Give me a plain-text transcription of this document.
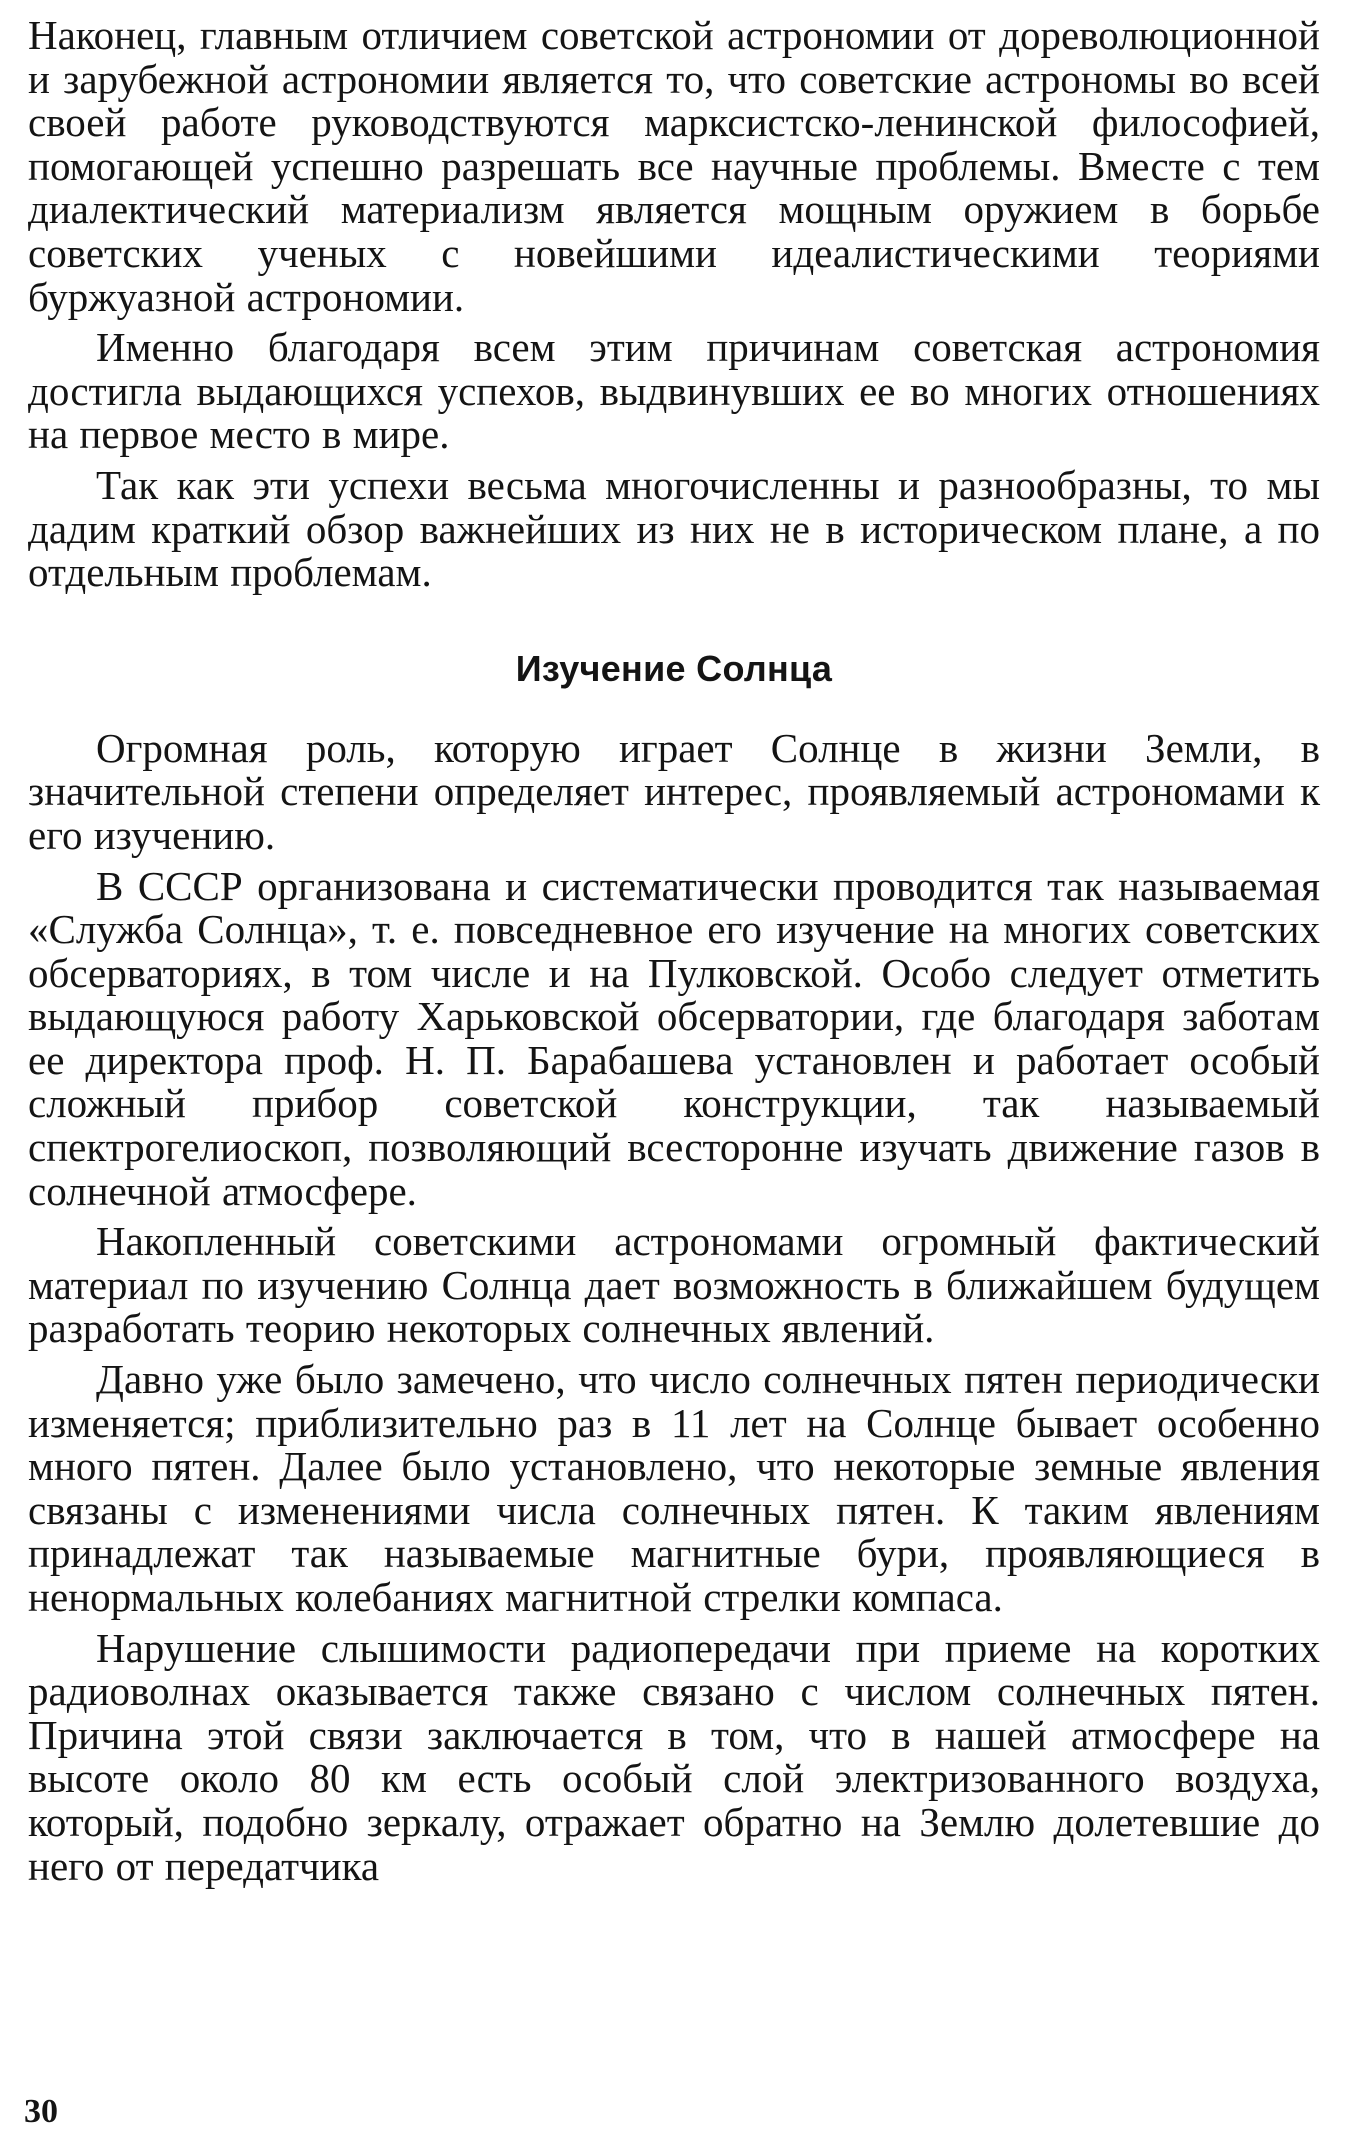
Наконец, главным отличием советской астрономии от дореволюционной и зарубежной астрономии является то, что советские астрономы во всей своей работе руководствуются марксистско-ленинской философией, помогающей успешно разрешать все научные проблемы. Вместе с тем диалектический материализм является мощным оружием в борьбе советских ученых с новейшими идеалистическими теориями буржуазной астрономии.

Именно благодаря всем этим причинам советская астрономия достигла выдающихся успехов, выдвинувших ее во многих отношениях на первое место в мире.

Так как эти успехи весьма многочисленны и разнообразны, то мы дадим краткий обзор важнейших из них не в историческом плане, а по отдельным проблемам.

Изучение Солнца

Огромная роль, которую играет Солнце в жизни Земли, в значительной степени определяет интерес, проявляемый астрономами к его изучению.

В СССР организована и систематически проводится так называемая «Служба Солнца», т. е. повседневное его изучение на многих советских обсерваториях, в том числе и на Пулковской. Особо следует отметить выдающуюся работу Харьковской обсерватории, где благодаря заботам ее директора проф. Н. П. Барабашева установлен и работает особый сложный прибор советской конструкции, так называемый спектрогелиоскоп, позволяющий всесторонне изучать движение газов в солнечной атмосфере.

Накопленный советскими астрономами огромный фактический материал по изучению Солнца дает возможность в ближайшем будущем разработать теорию некоторых солнечных явлений.

Давно уже было замечено, что число солнечных пятен периодически изменяется; приблизительно раз в 11 лет на Солнце бывает особенно много пятен. Далее было установлено, что некоторые земные явления связаны с изменениями числа солнечных пятен. К таким явлениям принадлежат так называемые магнитные бури, проявляющиеся в ненормальных колебаниях магнитной стрелки компаса.

Нарушение слышимости радиопередачи при приеме на коротких радиоволнах оказывается также связано с числом солнечных пятен. Причина этой связи заключается в том, что в нашей атмосфере на высоте около 80 км есть особый слой электризованного воздуха, который, подобно зеркалу, отражает обратно на Землю долетевшие до него от передатчика

30
